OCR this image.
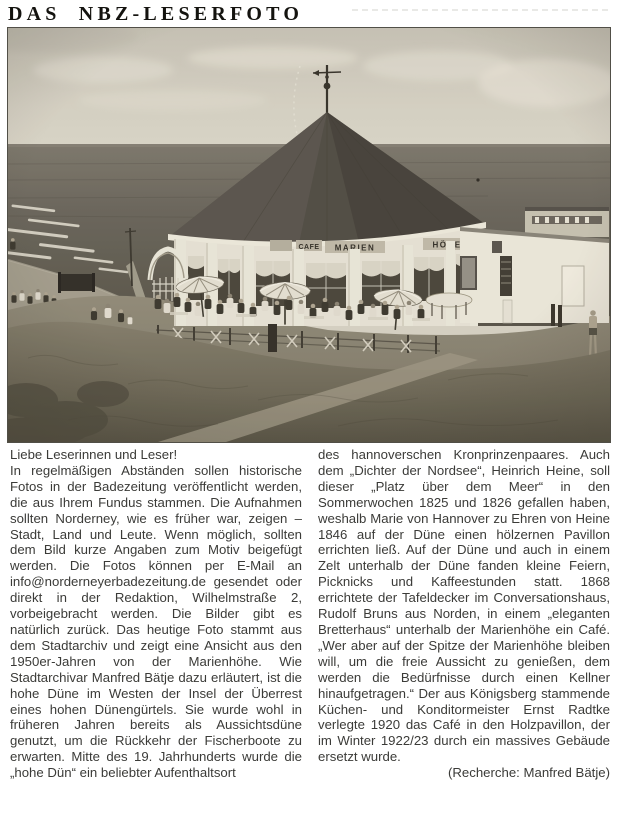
DAS NBZ-LESERFOTO

Liebe Leserinnen und Leser!

In regelmäßigen Abständen sollen historische Fotos in der Badezeitung veröffentlicht werden, die aus Ihrem Fundus stammen. Die Aufnahmen sollten Norderney, wie es früher war, zeigen – Stadt, Land und Leute. Wenn möglich, sollten dem Bild kurze Angaben zum Motiv beigefügt werden. Die Fotos können per E-Mail an info@norderneyerbadezeitung.de gesendet oder direkt in der Redaktion, Wilhelmstraße 2, vorbeigebracht werden. Die Bilder gibt es natürlich zurück. Das heutige Foto stammt aus dem Stadtarchiv und zeigt eine Ansicht aus den 1950er-Jahren von der Marienhöhe. Wie Stadtarchivar Manfred Bätje dazu erläutert, ist die hohe Düne im Westen der Insel der Überrest eines hohen Dünengürtels. Sie wurde wohl in früheren Jahren bereits als Aussichtsdüne genutzt, um die Rückkehr der Fischerboote zu erwarten. Mitte des 19. Jahrhunderts wurde die „hohe Dün“ ein beliebter Aufenthaltsort

des hannoverschen Kronprinzenpaares. Auch dem „Dichter der Nordsee“, Heinrich Heine, soll dieser „Platz über dem Meer“ in den Sommerwochen 1825 und 1826 gefallen haben, weshalb Marie von Hannover zu Ehren von Heine 1846 auf der Düne einen hölzernen Pavillon errichten ließ. Auf der Düne und auch in einem Zelt unterhalb der Düne fanden kleine Feiern, Picknicks und Kaffeestunden statt. 1868 errichtete der Tafeldecker im Conversationshaus, Rudolf Bruns aus Norden, in einem „eleganten Bretterhaus“ unterhalb der Marienhöhe ein Café. „Wer aber auf der Spitze der Marienhöhe bleiben will, um die freie Aussicht zu genießen, dem werden die Bedürfnisse durch einen Kellner hinaufgetragen.“ Der aus Königsberg stammende Küchen- und Konditormeister Ernst Radtke verlegte 1920 das Café in den Holzpavillon, der im Winter 1922/23 durch ein massives Gebäude ersetzt wurde.

(Recherche: Manfred Bätje)
